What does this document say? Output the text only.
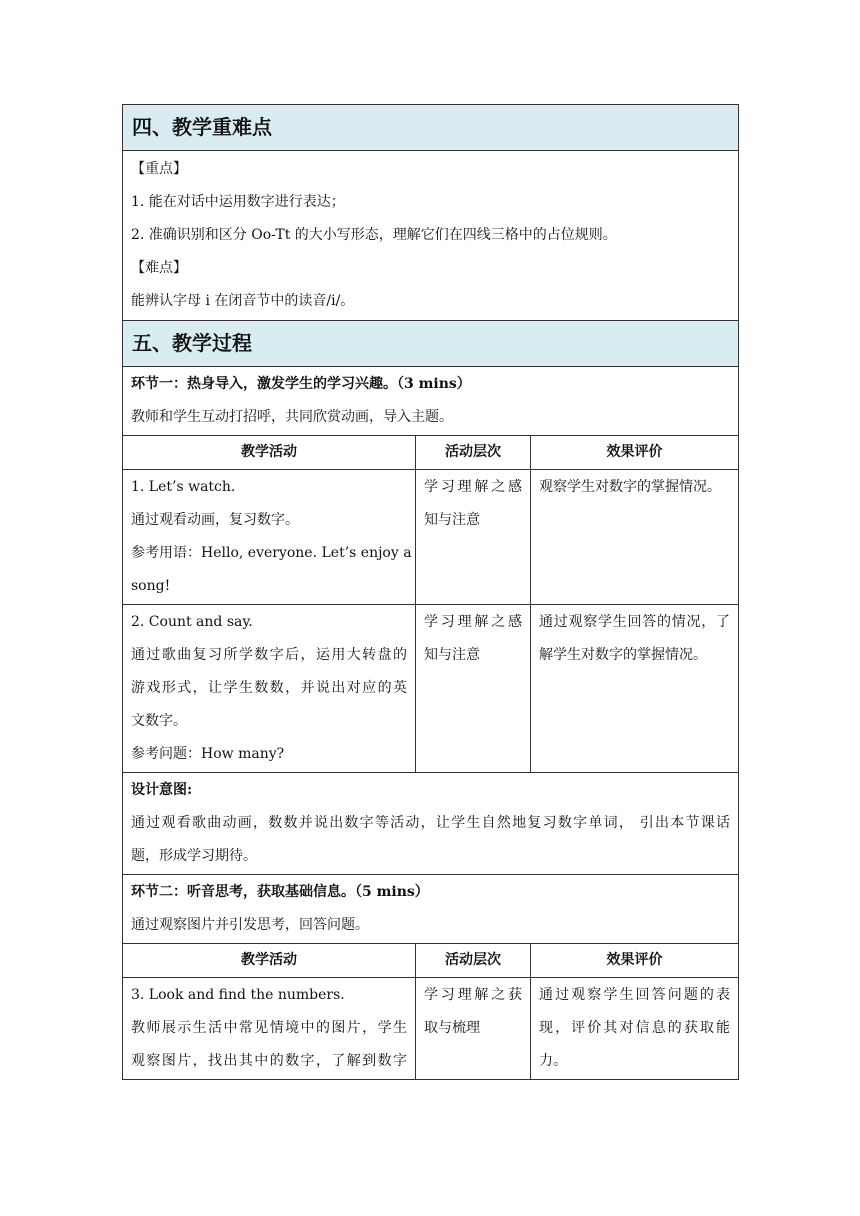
四、教学重难点		

【重点】
1. 能在对话中运用数字进行表达；
2. 准确识别和区分 Oo-Tt 的大小写形态，理解它们在四线三格中的占位规则。
【难点】
能辨认字母 i 在闭音节中的读音/i/。		

五、教学过程		

环节一：热身导入，激发学生的学习兴趣。（3 mins）
教师和学生互动打招呼，共同欣赏动画，导入主题。		

教学活动	活动层次	效果评价

1. Let’s watch.
通过观看动画，复习数字。
参考用语：Hello, everyone. Let’s enjoy a
song!	学习理解之感
知与注意	观察学生对数字的掌握情况。

2. Count and say.
通过歌曲复习所学数字后，运用大转盘的
游戏形式，让学生数数，并说出对应的英
文数字。
参考问题：How many?	学习理解之感
知与注意	通过观察学生回答的情况，了
解学生对数字的掌握情况。

设计意图:
通过观看歌曲动画，数数并说出数字等活动，让学生自然地复习数字单词， 引出本节课话
题，形成学习期待。		

环节二：听音思考，获取基础信息。（5 mins）
通过观察图片并引发思考，回答问题。		

教学活动	活动层次	效果评价

3. Look and find the numbers.
教师展示生活中常见情境中的图片，学生
观察图片，找出其中的数字，了解到数字	学习理解之获
取与梳理	通过观察学生回答问题的表
现，评价其对信息的获取能
力。
